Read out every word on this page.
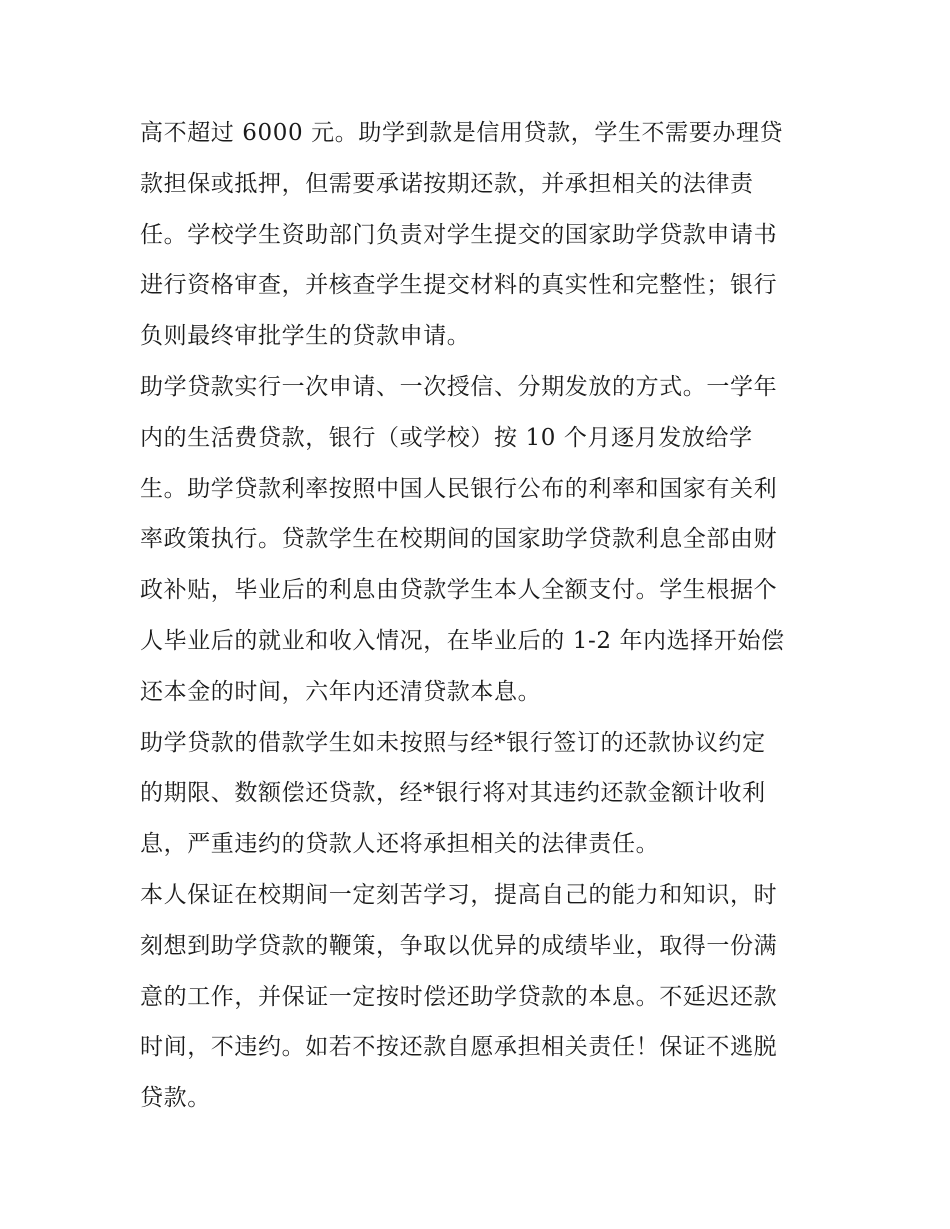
高不超过 6000 元。助学到款是信用贷款，学生不需要办理贷
款担保或抵押，但需要承诺按期还款，并承担相关的法律责
任。学校学生资助部门负责对学生提交的国家助学贷款申请书
进行资格审查，并核查学生提交材料的真实性和完整性；银行
负则最终审批学生的贷款申请。
助学贷款实行一次申请、一次授信、分期发放的方式。一学年
内的生活费贷款，银行（或学校）按 10 个月逐月发放给学
生。助学贷款利率按照中国人民银行公布的利率和国家有关利
率政策执行。贷款学生在校期间的国家助学贷款利息全部由财
政补贴，毕业后的利息由贷款学生本人全额支付。学生根据个
人毕业后的就业和收入情况，在毕业后的 1-2 年内选择开始偿
还本金的时间，六年内还清贷款本息。
助学贷款的借款学生如未按照与经*银行签订的还款协议约定
的期限、数额偿还贷款，经*银行将对其违约还款金额计收利
息，严重违约的贷款人还将承担相关的法律责任。
本人保证在校期间一定刻苦学习，提高自己的能力和知识，时
刻想到助学贷款的鞭策，争取以优异的成绩毕业，取得一份满
意的工作，并保证一定按时偿还助学贷款的本息。不延迟还款
时间，不违约。如若不按还款自愿承担相关责任！保证不逃脱
贷款。
